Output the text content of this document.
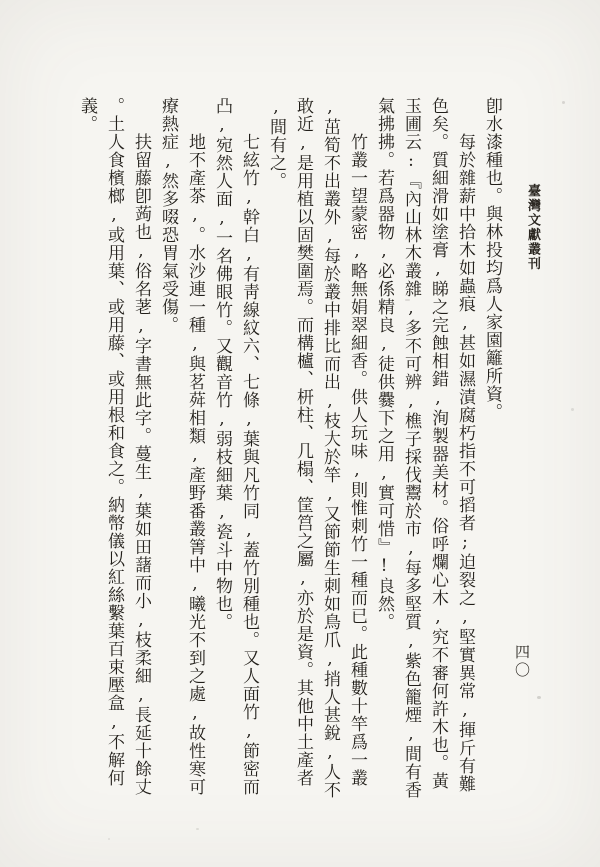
臺灣文獻叢刊
四〇
卽水漆種也。與林投均爲人家園籬所資。
每於雜薪中拾木如蟲痕,甚如濕漬腐朽指不可搯者;迫裂之,堅實異常,揮斤有難
色矣。質細滑如塗膏,睇之完蝕相錯,洵製器美材。俗呼爛心木,究不審何許木也。黃
玉圃云:『內山林木叢雜,多不可辨,樵子採伐鬻於市,每多堅質,紫色籠煙,間有香
氣拂拂。若爲器物,必係精良,徒供爨下之用,實可惜』!良然。
竹叢一望蒙密,略無娟翠細香。供人玩味,則惟刺竹一種而已。此種數十竿爲一叢
,茁筍不出叢外,每於叢中排比而出,枝大於竿,又節節生刺如鳥爪,捎人甚銳,人不
敢近,是用植以固樊圍焉。而構櫨、枅柱、几榻、筐筥之屬,亦於是資。其他中土產者
,間有之。
七絃竹,幹白,有靑線紋六、七條,葉與凡竹同,蓋竹別種也。又人面竹,節密而
凸,宛然人面,一名佛眼竹。又觀音竹,弱枝細葉,瓷斗中物也。
地不產茶,。水沙連一種,與茗荈相類,產野番叢箐中,曦光不到之處,故性寒可
療熱症,然多啜恐胃氣受傷。
扶留藤卽蒟也,俗名荖,字書無此字。蔓生,葉如田藷而小,枝柔細,長延十餘丈
。土人食檳榔,或用葉、或用藤、或用根和食之。納幣儀以紅絲繫葉百束壓盒,不解何
義。
